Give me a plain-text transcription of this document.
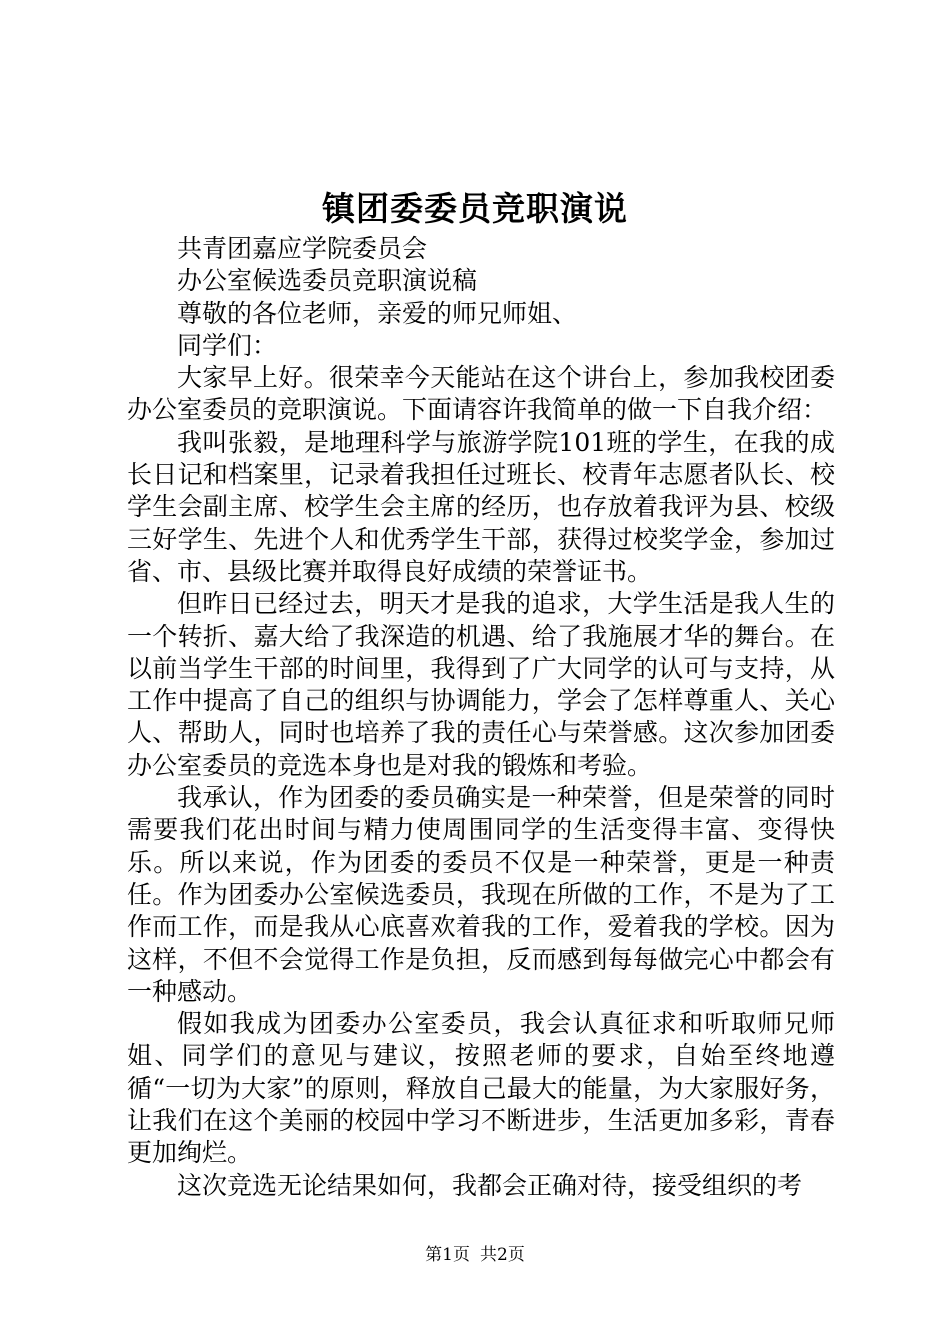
镇团委委员竞职演说

共青团嘉应学院委员会

办公室候选委员竞职演说稿

尊敬的各位老师，亲爱的师兄师姐、

同学们：

大家早上好。很荣幸今天能站在这个讲台上，参加我校团委办公室委员的竞职演说。下面请容许我简单的做一下自我介绍：

我叫张毅，是地理科学与旅游学院101班的学生，在我的成长日记和档案里，记录着我担任过班长、校青年志愿者队长、校学生会副主席、校学生会主席的经历，也存放着我评为县、校级三好学生、先进个人和优秀学生干部，获得过校奖学金，参加过省、市、县级比赛并取得良好成绩的荣誉证书。

但昨日已经过去，明天才是我的追求，大学生活是我人生的一个转折、嘉大给了我深造的机遇、给了我施展才华的舞台。在以前当学生干部的时间里，我得到了广大同学的认可与支持，从工作中提高了自己的组织与协调能力，学会了怎样尊重人、关心人、帮助人，同时也培养了我的责任心与荣誉感。这次参加团委办公室委员的竞选本身也是对我的锻炼和考验。

我承认，作为团委的委员确实是一种荣誉，但是荣誉的同时需要我们花出时间与精力使周围同学的生活变得丰富、变得快乐。所以来说，作为团委的委员不仅是一种荣誉，更是一种责任。作为团委办公室候选委员，我现在所做的工作，不是为了工作而工作，而是我从心底喜欢着我的工作，爱着我的学校。因为这样，不但不会觉得工作是负担，反而感到每每做完心中都会有一种感动。

假如我成为团委办公室委员，我会认真征求和听取师兄师姐、同学们的意见与建议，按照老师的要求，自始至终地遵循“一切为大家”的原则，释放自己最大的能量，为大家服好务，让我们在这个美丽的校园中学习不断进步，生活更加多彩，青春更加绚烂。

这次竞选无论结果如何，我都会正确对待，接受组织的考

第1页 共2页
